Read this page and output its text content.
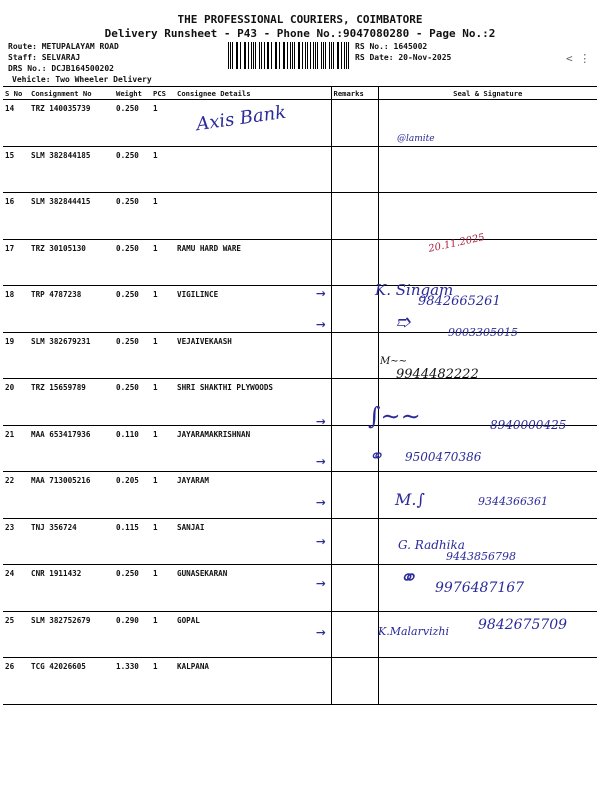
THE PROFESSIONAL COURIERS, COIMBATORE
Delivery Runsheet - P43 - Phone No.:9047080280 - Page No.:2
Route: METUPALAYAM ROAD
Staff: SELVARAJ
DRS No.: DCJB164500202
Vehicle: Two Wheeler Delivery
RS No.: 1645002
RS Date: 20-Nov-2025	< ⋮
S No	Consignment No	Weight	PCS	Consignee Details	Remarks	Seal & Signature
14	TRZ 140035739	0.250	1			
15	SLM 382844185	0.250	1			
16	SLM 382844415	0.250	1			
17	TRZ 30105130	0.250	1	RAMU HARD WARE		
18	TRP 4787238	0.250	1	VIGILINCE		
19	SLM 382679231	0.250	1	VEJAIVEKAASH		
20	TRZ 15659789	0.250	1	SHRI SHAKTHI PLYWOODS		
21	MAA 653417936	0.110	1	JAYARAMAKRISHNAN		
22	MAA 713005216	0.205	1	JAYARAM		
23	TNJ 356724	0.115	1	SANJAI		
24	CNR 1911432	0.250	1	GUNASEKARAN		
25	SLM 382752679	0.290	1	GOPAL		
26	TCG 42026605	1.330	1	KALPANA		
Axis Bank
@lamite
20.11.2025
→	K. Singam
9842665261
→	➱	9003305015
M∼∼
9944482222
→ ∫∼∼	8940000425
→ ⚭ 9500470386
→	M.∫	9344366361
→	G. Radhika
9443856798
→	⚭ 9976487167
→	K.Malarvizhi 9842675709
